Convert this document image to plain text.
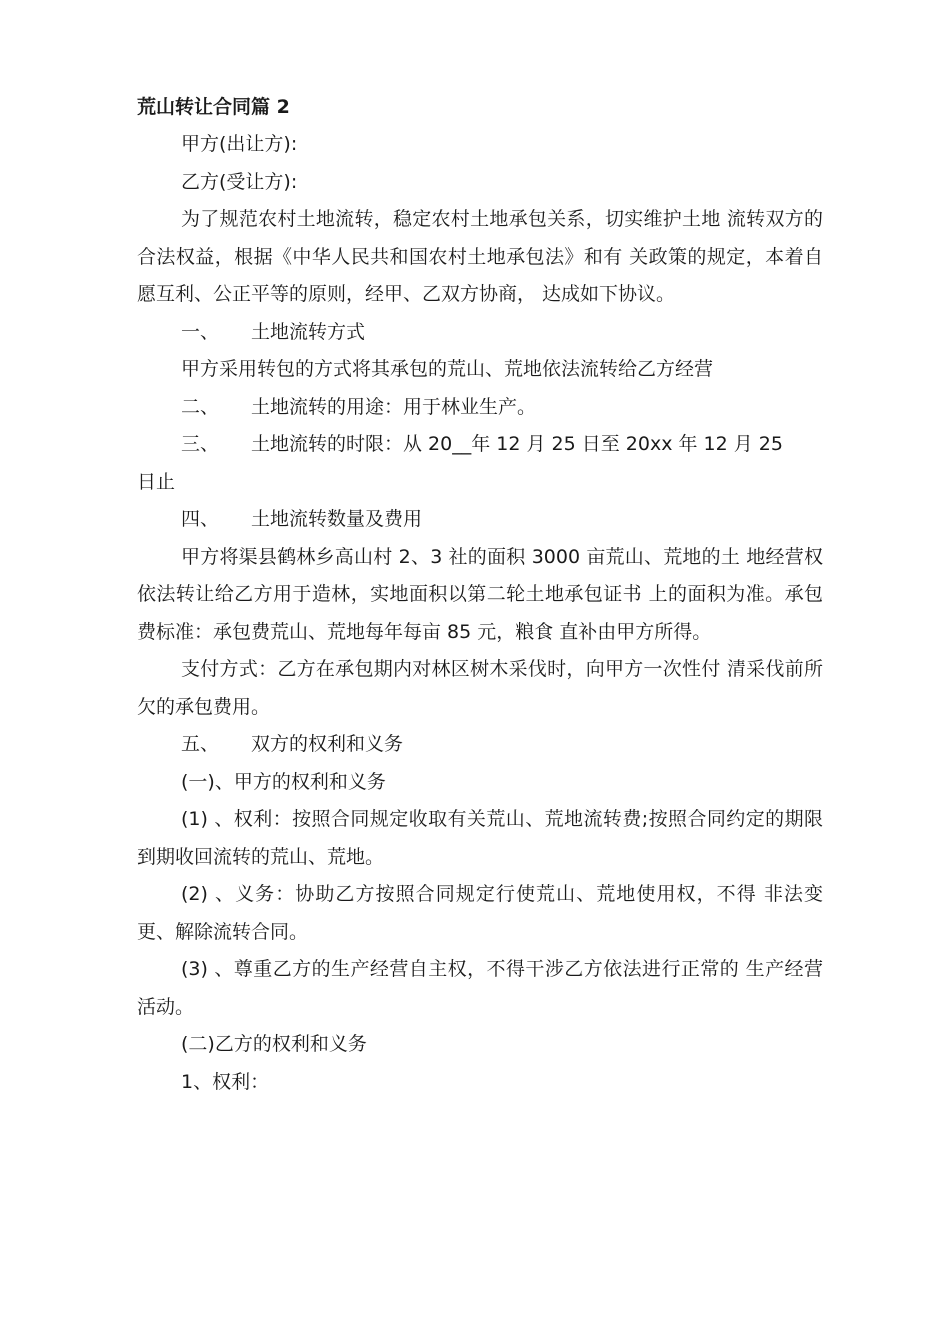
荒山转让合同篇 2

甲方(出让方):

乙方(受让方):

为了规范农村土地流转，稳定农村土地承包关系，切实维护土地 流转双方的合法权益，根据《中华人民共和国农村土地承包法》和有 关政策的规定，本着自愿互利、公正平等的原则，经甲、乙双方协商， 达成如下协议。

一、	土地流转方式

甲方采用转包的方式将其承包的荒山、荒地依法流转给乙方经营

二、	土地流转的用途：用于林业生产。
三、	土地流转的时限：从 20__年 12 月 25 日至 20xx 年 12 月 25

日止

四、	土地流转数量及费用

甲方将渠县鹤林乡高山村 2、3 社的面积 3000 亩荒山、荒地的土 地经营权依法转让给乙方用于造林，实地面积以第二轮土地承包证书 上的面积为准。承包费标准：承包费荒山、荒地每年每亩 85 元，粮食 直补由甲方所得。

支付方式：乙方在承包期内对林区树木采伐时，向甲方一次性付 清采伐前所欠的承包费用。

五、	双方的权利和义务

(一)、甲方的权利和义务

(1) 、权利：按照合同规定收取有关荒山、荒地流转费;按照合同约定的期限到期收回流转的荒山、荒地。

(2) 、义务：协助乙方按照合同规定行使荒山、荒地使用权，不得 非法变更、解除流转合同。

(3) 、尊重乙方的生产经营自主权，不得干涉乙方依法进行正常的 生产经营活动。

(二)乙方的权利和义务

1、权利：
